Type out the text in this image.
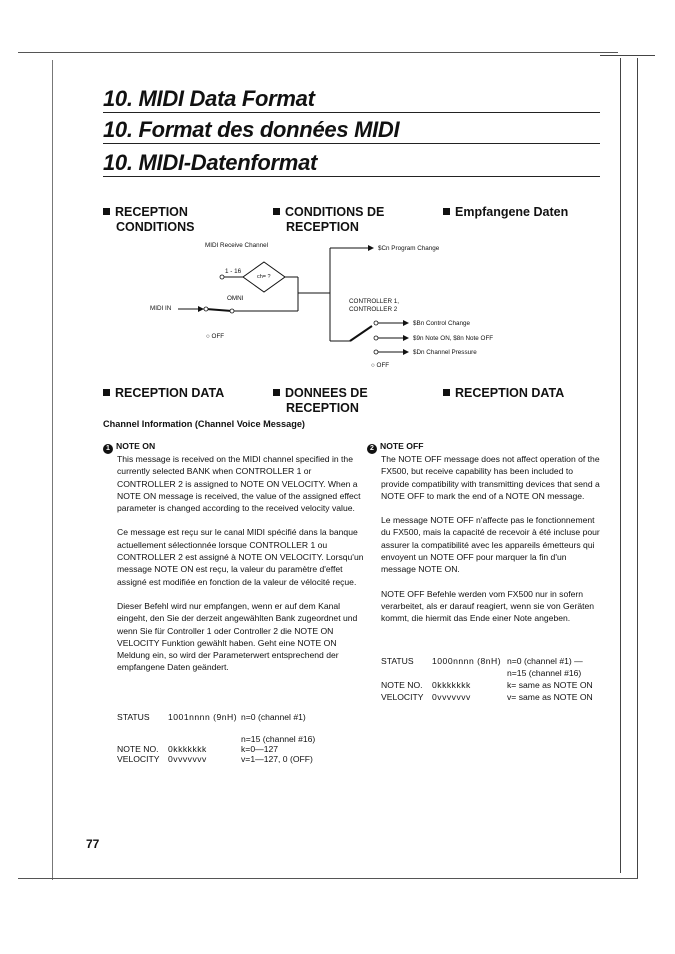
10. MIDI Data Format
10. Format des données MIDI
10. MIDI-Datenformat
RECEPTION
CONDITIONS
CONDITIONS DE
RECEPTION
Empfangene Daten
MIDI Receive Channel
1 - 16
ch= ?
OMNI
MIDI IN
○ OFF
$Cn Program Change
CONTROLLER 1,
CONTROLLER 2
$Bn Control Change
$9n Note ON, $8n Note OFF
$Dn Channel Pressure
○ OFF
RECEPTION DATA	DONNEES DE
RECEPTION
RECEPTION DATA
Channel Information (Channel Voice Message)
1 NOTE ON

This message is received on the MIDI channel specified in the currently selected BANK when CONTROLLER 1 or CONTROLLER 2 is assigned to NOTE ON VELOCITY. When a NOTE ON message is received, the value of the assigned effect parameter is changed according to the received velocity value.

Ce message est reçu sur le canal MIDI spécifié dans la banque actuellement sélectionnée lorsque CONTROLLER 1 ou CONTROLLER 2 est assigné à NOTE ON VELOCITY. Lorsqu'un message NOTE ON est reçu, la valeur du paramètre d'effet assigné est modifiée en fonction de la valeur de vélocité reçue.

Dieser Befehl wird nur empfangen, wenn er auf dem Kanal eingeht, den Sie der derzeit angewählten Bank zugeordnet und wenn Sie für Controller 1 oder Controller 2 die NOTE ON VELOCITY Funktion gewählt haben. Geht eine NOTE ON Meldung ein, so wird der Parameterwert entsprechend der empfangene Daten geändert.

STATUS 1001nnnn (9nH) n=0 (channel #1)
n=15 (channel #16)
NOTE NO. 0kkkkkkk	k=0—127
VELOCITY 0vvvvvvv	v=1—127, 0 (OFF)
2 NOTE OFF

The NOTE OFF message does not affect operation of the FX500, but receive capability has been included to provide compatibility with transmitting devices that send a NOTE OFF to mark the end of a NOTE ON message.

Le message NOTE OFF n'affecte pas le fonctionnement du FX500, mais la capacité de recevoir à été incluse pour assurer la compatibilité avec les appareils émetteurs qui envoyent un NOTE OFF pour marquer la fin d'un message NOTE ON.

NOTE OFF Befehle werden vom FX500 nur in sofern verarbeitet, als er darauf reagiert, wenn sie von Geräten kommt, die hiermit das Ende einer Note angeben.

STATUS 1000nnnn (8nH) n=0 (channel #1) —
n=15 (channel #16)
NOTE NO. 0kkkkkkk	k= same as NOTE ON
VELOCITY 0vvvvvvv	v= same as NOTE ON
77
